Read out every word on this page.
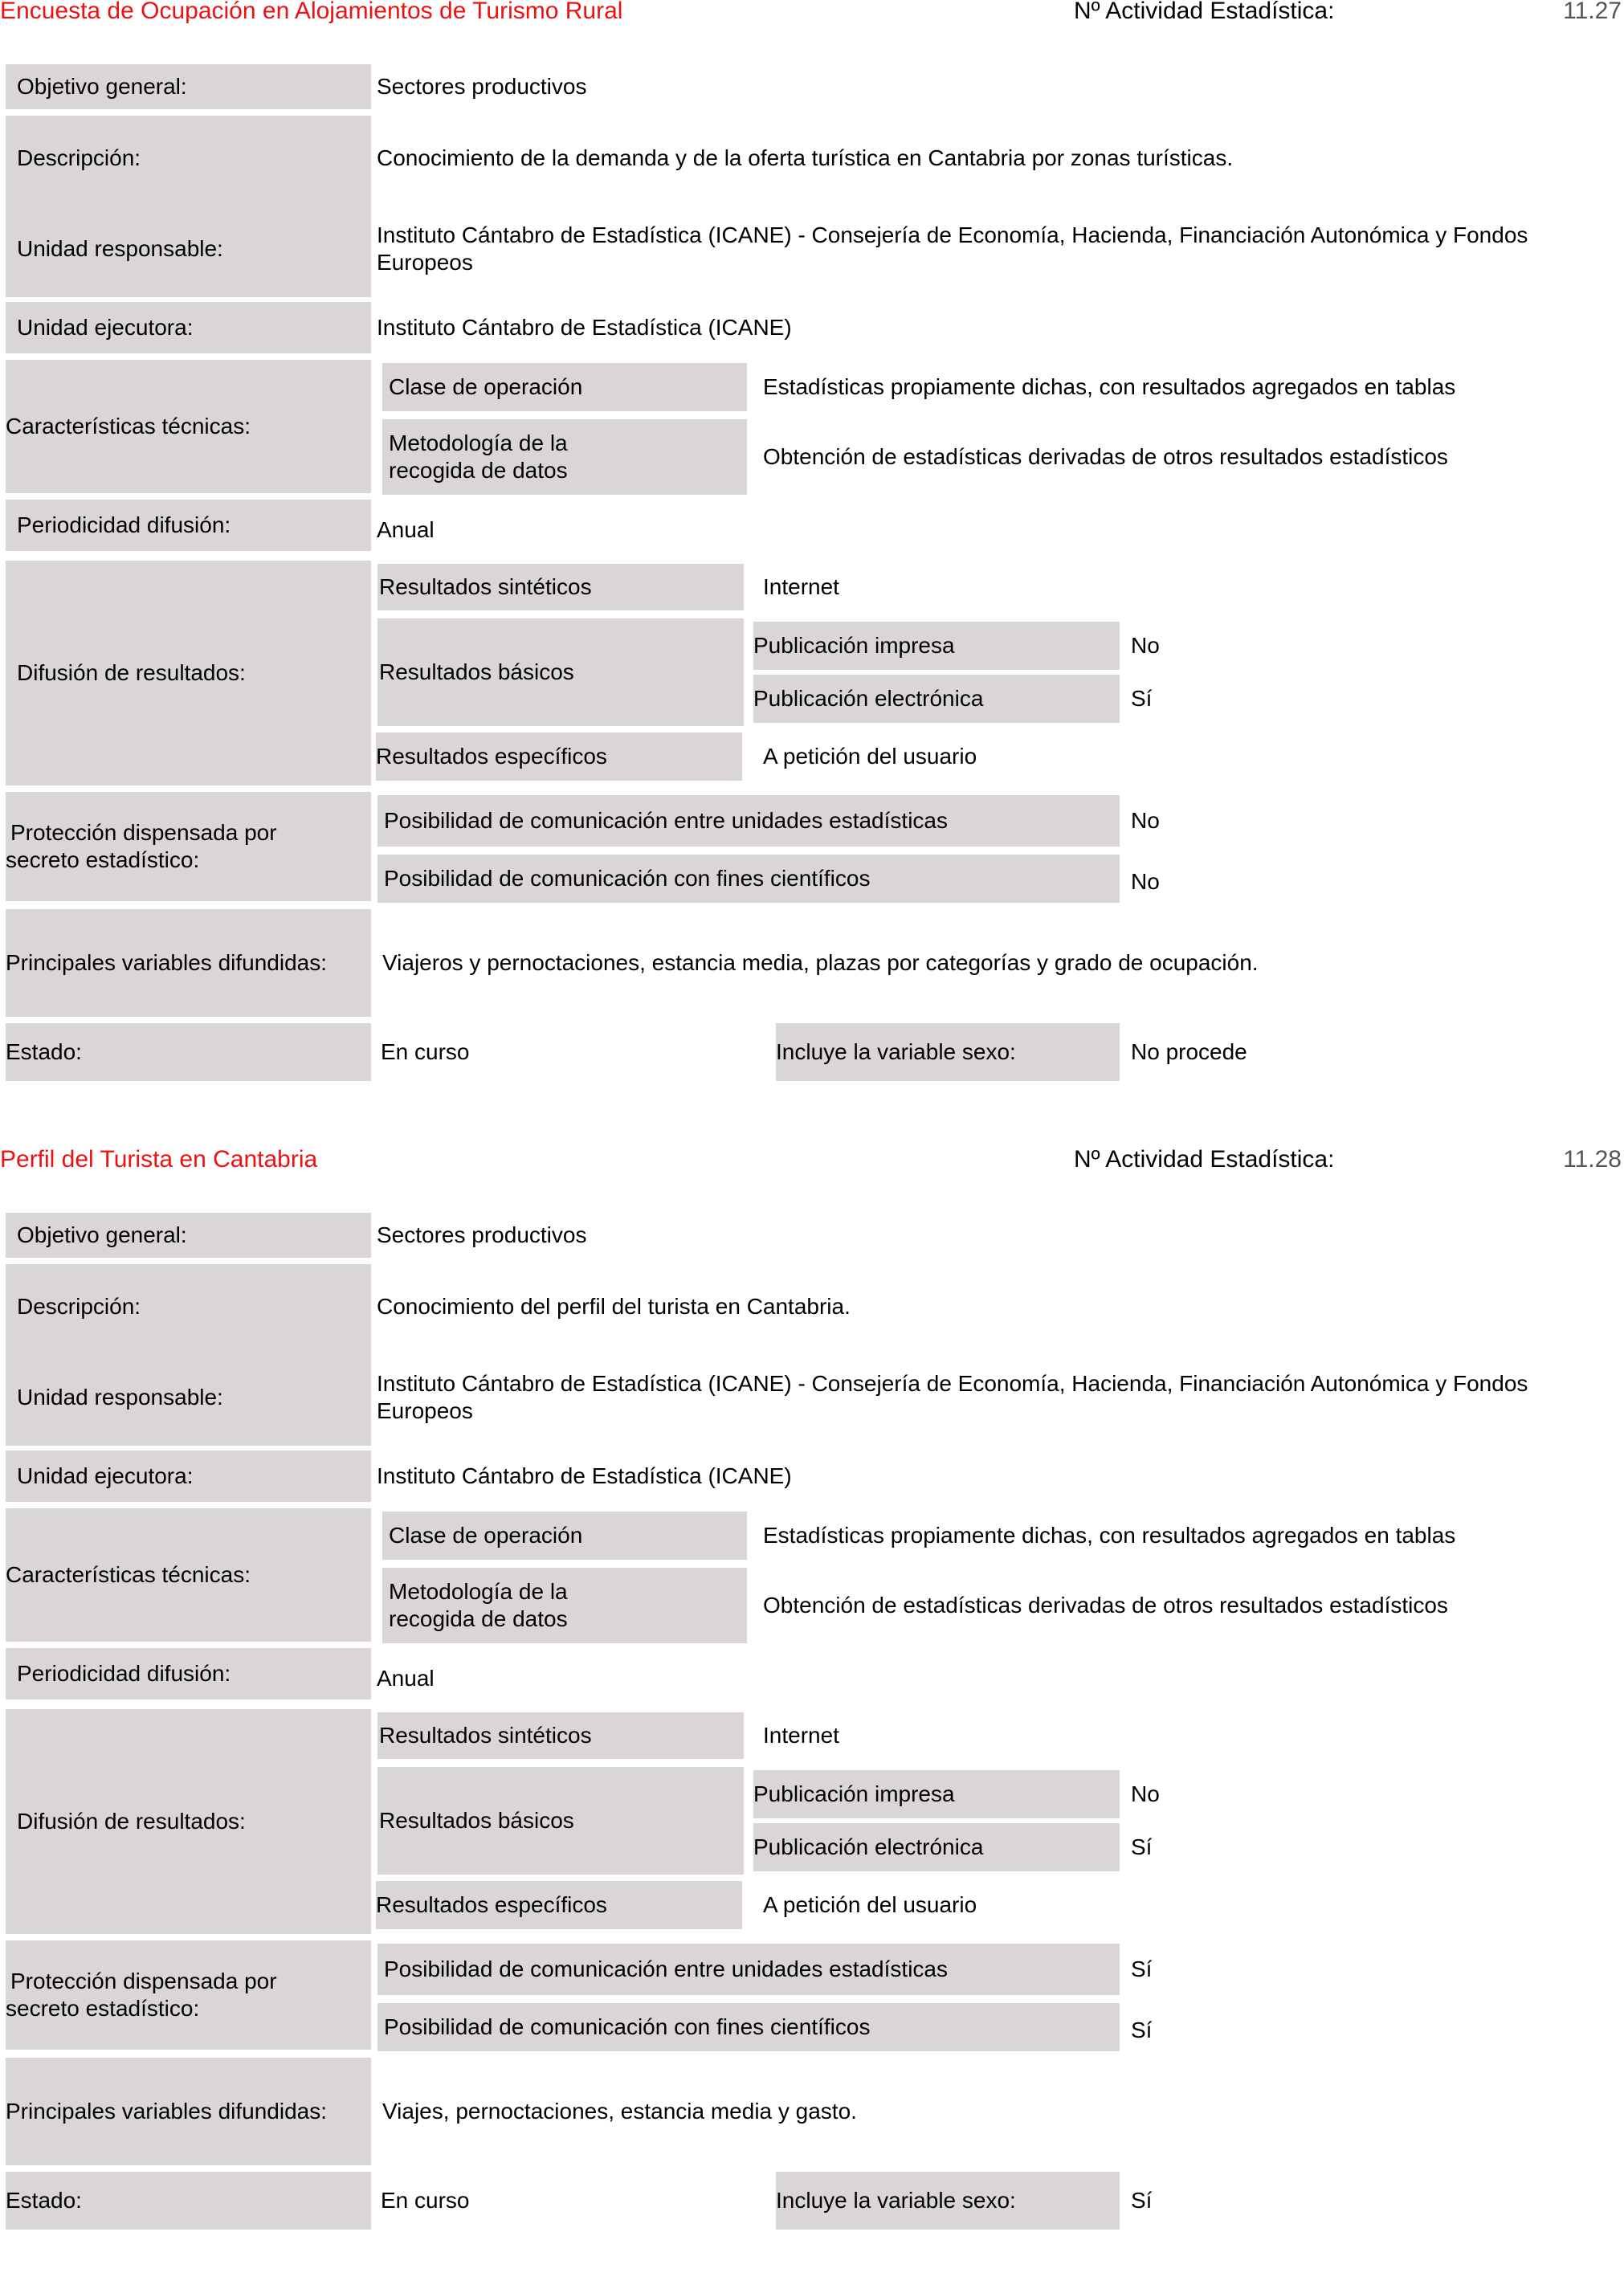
Encuesta de Ocupación en Alojamientos de Turismo Rural	Nº Actividad Estadística:	11.27
Objetivo general:	Sectores productivos
Descripción:	Conocimiento de la demanda y de la oferta turística en Cantabria por zonas turísticas.
Unidad responsable:
Instituto Cántabro de Estadística (ICANE) - Consejería de Economía, Hacienda, Financiación Autonómica y Fondos
Europeos
Unidad ejecutora:	Instituto Cántabro de Estadística (ICANE)
Características técnicas:
Clase de operación	Estadísticas propiamente dichas, con resultados agregados en tablas
Metodología de la
recogida de datos
Obtención de estadísticas derivadas de otros resultados estadísticos
Periodicidad difusión:	Anual
Difusión de resultados:
Resultados sintéticos	Internet
Resultados básicos
Publicación impresa	No
Publicación electrónica	Sí
Resultados específicos	A petición del usuario
Protección dispensada por
secreto estadístico:
Posibilidad de comunicación entre unidades estadísticas	No
Posibilidad de comunicación con fines científicos	No
Principales variables difundidas:	Viajeros y pernoctaciones, estancia media, plazas por categorías y grado de ocupación.
Estado:	En curso	Incluye la variable sexo:	No procede
Perfil del Turista en Cantabria	Nº Actividad Estadística:	11.28
Objetivo general:	Sectores productivos
Descripción:	Conocimiento del perfil del turista en Cantabria.
Unidad responsable:
Instituto Cántabro de Estadística (ICANE) - Consejería de Economía, Hacienda, Financiación Autonómica y Fondos
Europeos
Unidad ejecutora:	Instituto Cántabro de Estadística (ICANE)
Características técnicas:
Clase de operación	Estadísticas propiamente dichas, con resultados agregados en tablas
Metodología de la
recogida de datos
Obtención de estadísticas derivadas de otros resultados estadísticos
Periodicidad difusión:	Anual
Difusión de resultados:
Resultados sintéticos	Internet
Resultados básicos
Publicación impresa	No
Publicación electrónica	Sí
Resultados específicos	A petición del usuario
Protección dispensada por
secreto estadístico:
Posibilidad de comunicación entre unidades estadísticas	Sí
Posibilidad de comunicación con fines científicos	Sí
Principales variables difundidas:	Viajes, pernoctaciones, estancia media y gasto.
Estado:	En curso	Incluye la variable sexo:	Sí
